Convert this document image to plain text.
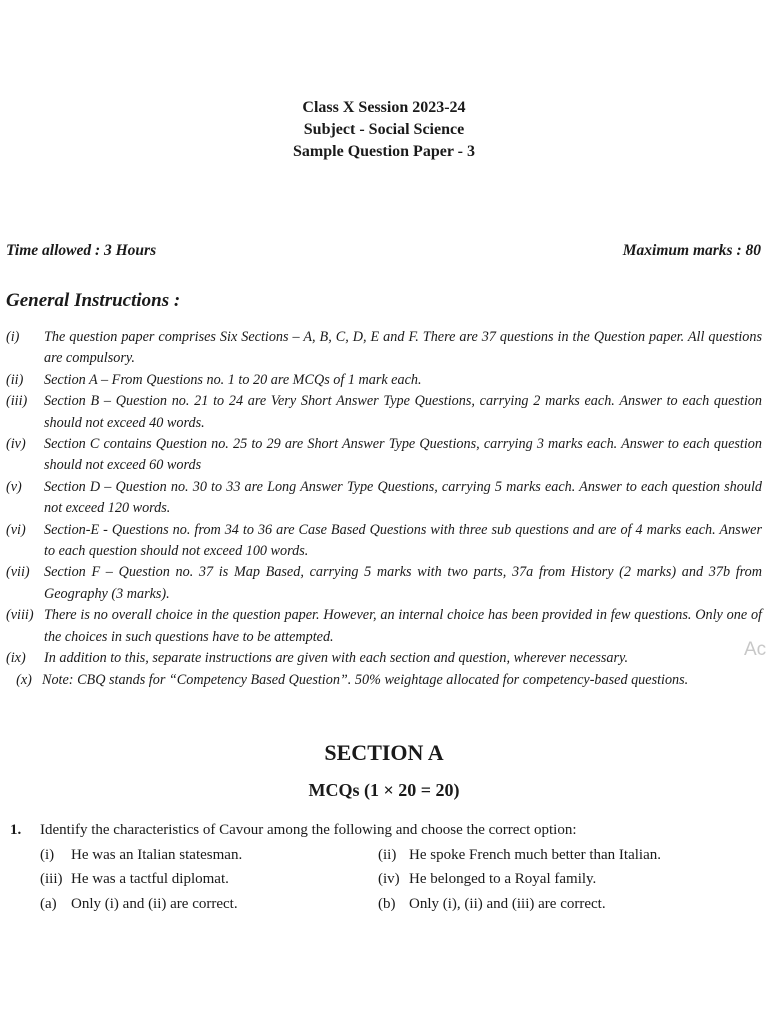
Class X Session 2023-24
Subject - Social Science
Sample Question Paper - 3
Time allowed : 3 Hours	Maximum marks : 80
General Instructions :
(i)	The question paper comprises Six Sections – A, B, C, D, E and F. There are 37 questions in the Question paper. All questions are compulsory.
(ii)	Section A – From Questions no. 1 to 20 are MCQs of 1 mark each.
(iii)	Section B – Question no. 21 to 24 are Very Short Answer Type Questions, carrying 2 marks each. Answer to each question should not exceed 40 words.
(iv)	Section C contains Question no. 25 to 29 are Short Answer Type Questions, carrying 3 marks each. Answer to each question should not exceed 60 words
(v)	Section D – Question no. 30 to 33 are Long Answer Type Questions, carrying 5 marks each. Answer to each question should not exceed 120 words.
(vi)	Section-E - Questions no. from 34 to 36 are Case Based Questions with three sub questions and are of 4 marks each. Answer to each question should not exceed 100 words.
(vii)	Section F – Question no. 37 is Map Based, carrying 5 marks with two parts, 37a from History (2 marks) and 37b from Geography (3 marks).
(viii) There is no overall choice in the question paper. However, an internal choice has been provided in few questions. Only one of the choices in such questions have to be attempted.
(ix)	In addition to this, separate instructions are given with each section and question, wherever necessary.
(x) Note: CBQ stands for “Competency Based Question”. 50% weightage allocated for competency-based questions.
Ac
SECTION A
MCQs (1 × 20 = 20)
1.	Identify the characteristics of Cavour among the following and choose the correct option:
(i)	He was an Italian statesman.	(ii) He spoke French much better than Italian.
(iii) He was a tactful diplomat.	(iv) He belonged to a Royal family.
(a) Only (i) and (ii) are correct.	(b) Only (i), (ii) and (iii) are correct.
